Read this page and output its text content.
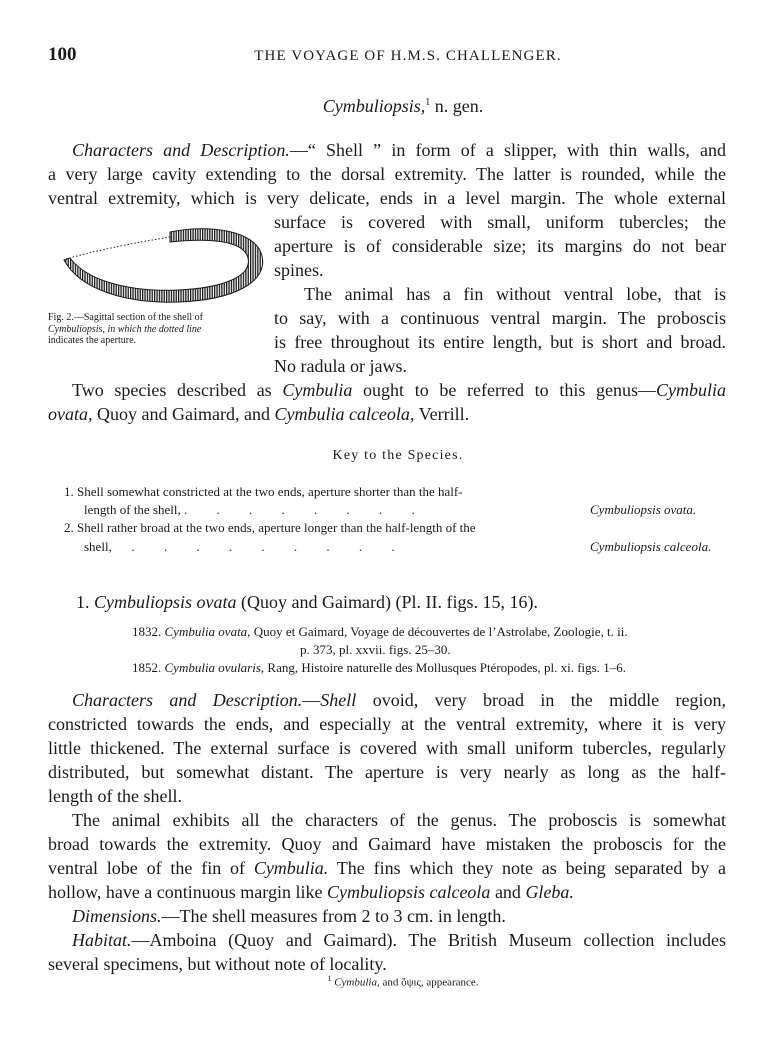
100	THE VOYAGE OF H.M.S. CHALLENGER.
Cymbuliopsis,$^1$ n. gen.
Characters and Description.—“ Shell ” in form of a slipper, with thin walls, and
a very large cavity extending to the dorsal extremity. The latter is rounded, while the
ventral extremity, which is very delicate, ends in a level margin. The whole external
surface is covered with small, uniform tubercles; the
aperture is of considerable size; its margins do not bear
spines.
The animal has a fin without ventral lobe, that is
to say, with a continuous ventral margin. The proboscis
is free throughout its entire length, but is short and broad.
No radula or jaws.
Fig. 2.—Sagittal section of the shell of
Cymbuliopsis, in which the dotted line
indicates the aperture.
Two species described as Cymbulia ought to be referred to this genus—Cymbulia
ovata, Quoy and Gaimard, and Cymbulia calceola, Verrill.
Key to the Species.
1. Shell somewhat constricted at the two ends, aperture shorter than the half-
length of the shell, .         .         .         .         .         .         .         .	Cymbuliopsis ovata.
2. Shell rather broad at the two ends, aperture longer than the half-length of the
shell,      .         .         .         .         .         .         .         .         .	Cymbuliopsis calceola.
1. Cymbuliopsis ovata (Quoy and Gaimard) (Pl. II. figs. 15, 16).
1832. Cymbulia ovata, Quoy et Gaimard, Voyage de découvertes de l’Astrolabe, Zoologie, t. ii.
p. 373, pl. xxvii. figs. 25–30.
1852. Cymbulia ovularis, Rang, Histoire naturelle des Mollusques Ptéropodes, pl. xi. figs. 1–6.
Characters and Description.—Shell ovoid, very broad in the middle region,
constricted towards the ends, and especially at the ventral extremity, where it is very
little thickened. The external surface is covered with small uniform tubercles, regularly
distributed, but somewhat distant. The aperture is very nearly as long as the half-
length of the shell.
The animal exhibits all the characters of the genus. The proboscis is somewhat
broad towards the extremity. Quoy and Gaimard have mistaken the proboscis for the
ventral lobe of the fin of Cymbulia. The fins which they note as being separated by a
hollow, have a continuous margin like Cymbuliopsis calceola and Gleba.
Dimensions.—The shell measures from 2 to 3 cm. in length.
Habitat.—Amboina (Quoy and Gaimard). The British Museum collection includes
several specimens, but without note of locality.
$^1$ Cymbulia, and ὄψις, appearance.
